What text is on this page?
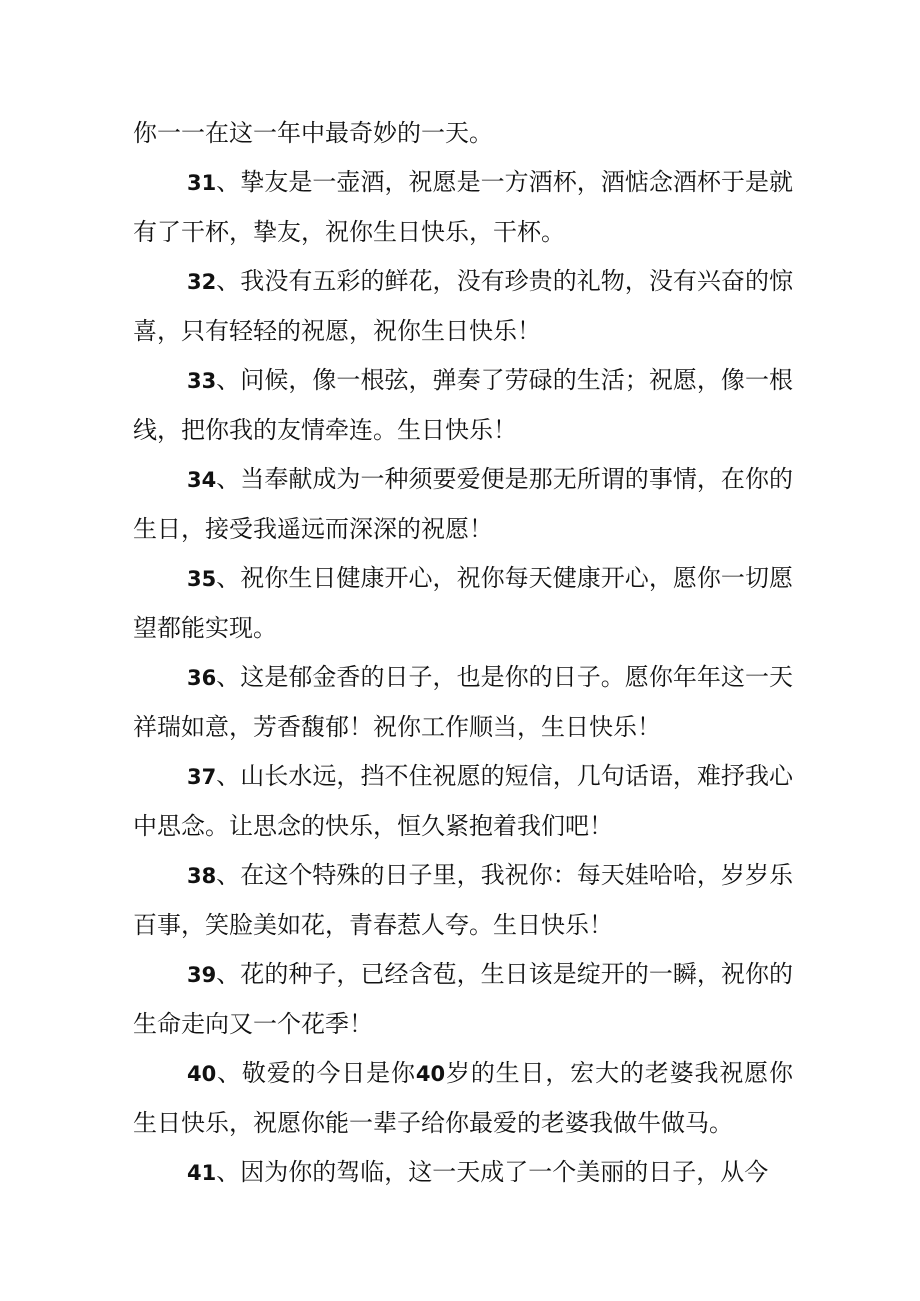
你一一在这一年中最奇妙的一天。

31、挚友是一壶酒，祝愿是一方酒杯，酒惦念酒杯于是就有了干杯，挚友，祝你生日快乐，干杯。

32、我没有五彩的鲜花，没有珍贵的礼物，没有兴奋的惊喜，只有轻轻的祝愿，祝你生日快乐！

33、问候，像一根弦，弹奏了劳碌的生活；祝愿，像一根线，把你我的友情牵连。生日快乐！

34、当奉献成为一种须要爱便是那无所谓的事情，在你的生日，接受我遥远而深深的祝愿！

35、祝你生日健康开心，祝你每天健康开心，愿你一切愿望都能实现。

36、这是郁金香的日子，也是你的日子。愿你年年这一天祥瑞如意，芳香馥郁！祝你工作顺当，生日快乐！

37、山长水远，挡不住祝愿的短信，几句话语，难抒我心中思念。让思念的快乐，恒久紧抱着我们吧！

38、在这个特殊的日子里，我祝你：每天娃哈哈，岁岁乐百事，笑脸美如花，青春惹人夸。生日快乐！

39、花的种子，已经含苞，生日该是绽开的一瞬，祝你的生命走向又一个花季！

40、敬爱的今日是你40岁的生日，宏大的老婆我祝愿你生日快乐，祝愿你能一辈子给你最爱的老婆我做牛做马。

41、因为你的驾临，这一天成了一个美丽的日子，从今
